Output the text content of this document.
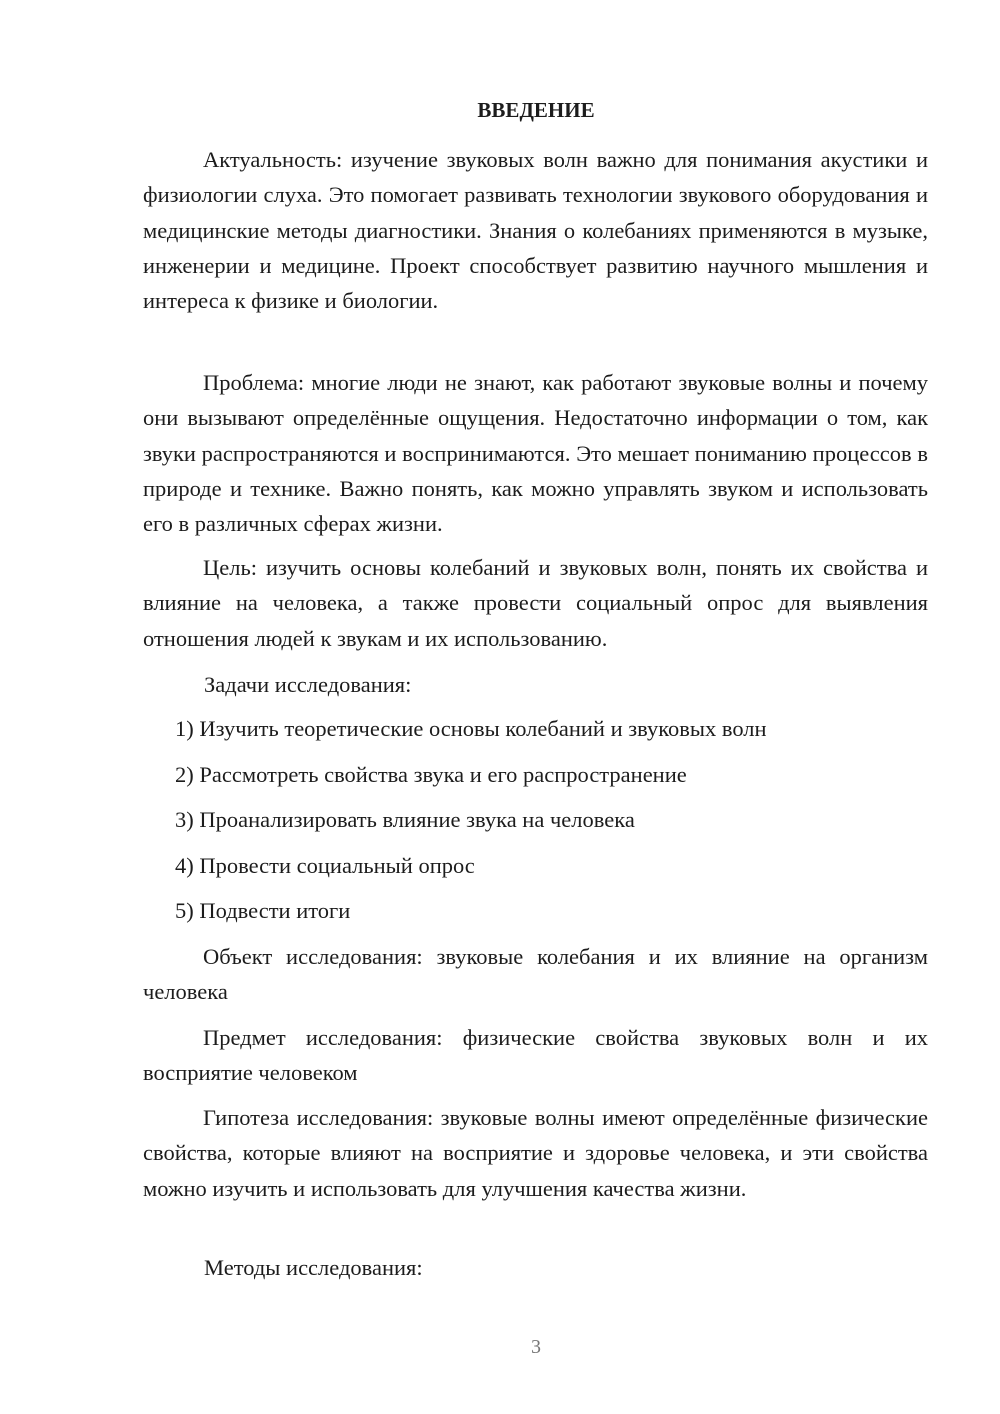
ВВЕДЕНИЕ

Актуальность: изучение звуковых волн важно для понимания акустики и физиологии слуха. Это помогает развивать технологии звукового оборудования и медицинские методы диагностики. Знания о колебаниях применяются в музыке, инженерии и медицине. Проект способствует развитию научного мышления и интереса к физике и биологии.

Проблема: многие люди не знают, как работают звуковые волны и почему они вызывают определённые ощущения. Недостаточно информации о том, как звуки распространяются и воспринимаются. Это мешает пониманию процессов в природе и технике. Важно понять, как можно управлять звуком и использовать его в различных сферах жизни.

Цель: изучить основы колебаний и звуковых волн, понять их свойства и влияние на человека, а также провести социальный опрос для выявления отношения людей к звукам и их использованию.

Задачи исследования:

1) Изучить теоретические основы колебаний и звуковых волн

2) Рассмотреть свойства звука и его распространение

3) Проанализировать влияние звука на человека

4) Провести социальный опрос

5) Подвести итоги

Объект исследования: звуковые колебания и их влияние на организм человека

Предмет исследования: физические свойства звуковых волн и их восприятие человеком

Гипотеза исследования: звуковые волны имеют определённые физические свойства, которые влияют на восприятие и здоровье человека, и эти свойства можно изучить и использовать для улучшения качества жизни.

Методы исследования:

3
